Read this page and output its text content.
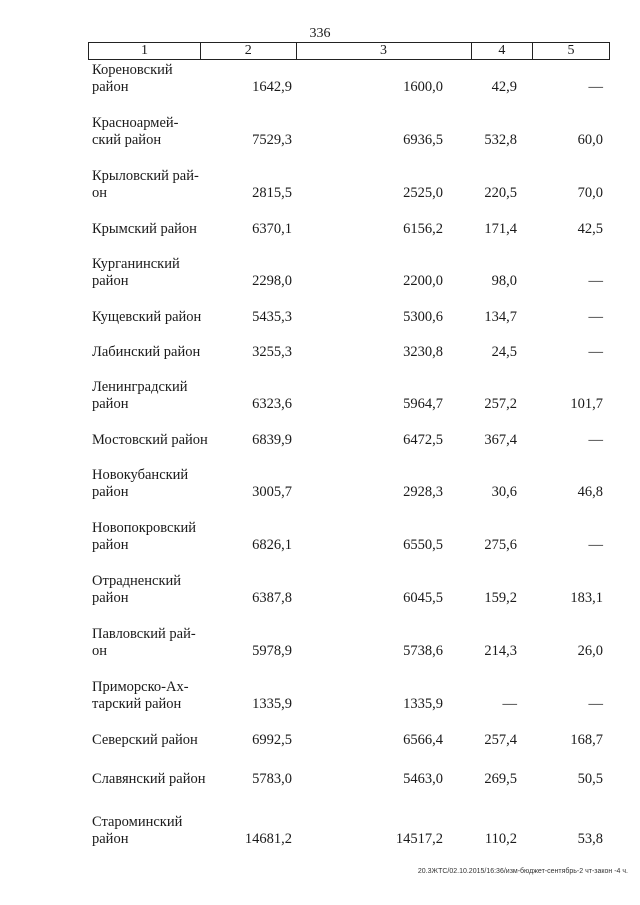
336
1	2	3	4	5
Кореновский
район	1642,9	1600,0	42,9	—
Красноармей-
ский район	7529,3	6936,5	532,8	60,0
Крыловский рай-
он	2815,5	2525,0	220,5	70,0
Крымский район	6370,1	6156,2	171,4	42,5
Курганинский
район	2298,0	2200,0	98,0	—
Кущевский район	5435,3	5300,6	134,7	—
Лабинский район	3255,3	3230,8	24,5	—
Ленинградский
район	6323,6	5964,7	257,2	101,7
Мостовский район	6839,9	6472,5	367,4	—
Новокубанский
район	3005,7	2928,3	30,6	46,8
Новопокровский
район	6826,1	6550,5	275,6	—
Отрадненский
район	6387,8	6045,5	159,2	183,1
Павловский рай-
он	5978,9	5738,6	214,3	26,0
Приморско-Ах-
тарский район	1335,9	1335,9	—	—
Северский район	6992,5	6566,4	257,4	168,7
Славянский район	5783,0	5463,0	269,5	50,5
Староминский
район	14681,2	14517,2	110,2	53,8
20.3ЖТС/02.10.2015/16:36/изм-бюджет-сентябрь-2 чт-закон -4 ч.
